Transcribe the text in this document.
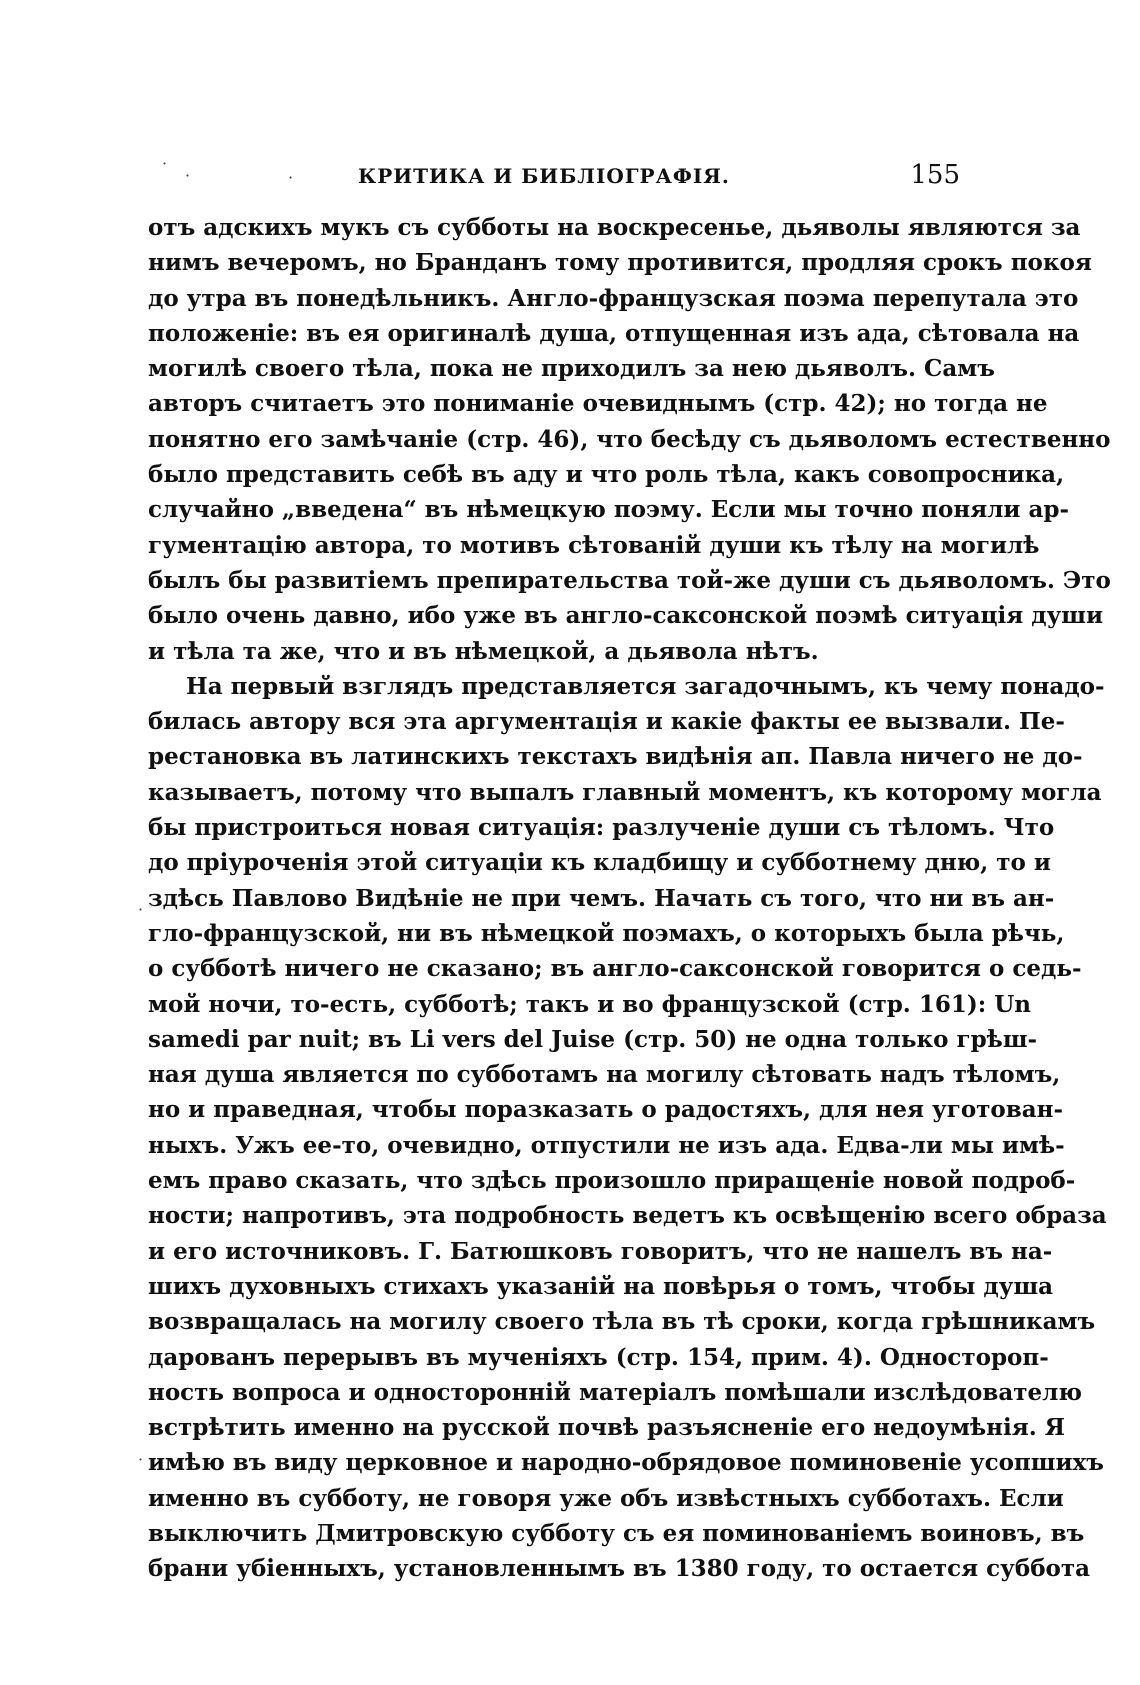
КРИТИКА И БИБЛІОГРАФІЯ.	155
·
·	·
·
·
отъ адскихъ мукъ съ субботы на воскресенье, дьяволы являются за
нимъ вечеромъ, но Бранданъ тому противится, продляя срокъ покоя
до утра въ понедѣльникъ. Англо-французская поэма перепутала это
положеніе: въ ея оригиналѣ душа, отпущенная изъ ада, сѣтовала на
могилѣ своего тѣла, пока не приходилъ за нею дьяволъ. Самъ
авторъ считаетъ это пониманіе очевиднымъ (стр. 42); но тогда не
понятно его замѣчаніе (стр. 46), что бесѣду съ дьяволомъ естественно
было представить себѣ въ аду и что роль тѣла, какъ совопросника,
случайно „введена“ въ нѣмецкую поэму. Если мы точно поняли ар-
гументацію автора, то мотивъ сѣтованій души къ тѣлу на могилѣ
былъ бы развитіемъ препирательства той-же души съ дьяволомъ. Это
было очень давно, ибо уже въ англо-саксонской поэмѣ ситуація души
и тѣла та же, что и въ нѣмецкой, а дьявола нѣтъ.
На первый взглядъ представляется загадочнымъ, къ чему понадо-
билась автору вся эта аргументація и какіе факты ее вызвали. Пе-
рестановка въ латинскихъ текстахъ видѣнія ап. Павла ничего не до-
казываетъ, потому что выпалъ главный моментъ, къ которому могла
бы пристроиться новая ситуація: разлученіе души съ тѣломъ. Что
до пріуроченія этой ситуаціи къ кладбищу и субботнему дню, то и
здѣсь Павлово Видѣніе не при чемъ. Начать съ того, что ни въ ан-
гло-французской, ни въ нѣмецкой поэмахъ, о которыхъ была рѣчь,
о субботѣ ничего не сказано; въ англо-саксонской говорится о седь-
мой ночи, то-есть, субботѣ; такъ и во французской (стр. 161): Un
samedi par nuit; въ Li vers del Juise (стр. 50) не одна только грѣш-
ная душа является по субботамъ на могилу сѣтовать надъ тѣломъ,
но и праведная, чтобы поразказать о радостяхъ, для нея уготован-
ныхъ. Ужъ ее-то, очевидно, отпустили не изъ ада. Едва-ли мы имѣ-
емъ право сказать, что здѣсь произошло приращеніе новой подроб-
ности; напротивъ, эта подробность ведетъ къ освѣщенію всего образа
и его источниковъ. Г. Батюшковъ говоритъ, что не нашелъ въ на-
шихъ духовныхъ стихахъ указаній на повѣрья о томъ, чтобы душа
возвращалась на могилу своего тѣла въ тѣ сроки, когда грѣшникамъ
дарованъ перерывъ въ мученіяхъ (стр. 154, прим. 4). Одностороп-
ность вопроса и односторонній матеріалъ помѣшали изслѣдователю
встрѣтить именно на русской почвѣ разъясненіе его недоумѣнія. Я
имѣю въ виду церковное и народно-обрядовое поминовеніе усопшихъ
именно въ субботу, не говоря уже объ извѣстныхъ субботахъ. Если
выключить Дмитровскую субботу съ ея поминованіемъ воиновъ, въ
брани убіенныхъ, установленнымъ въ 1380 году, то остается суббота
